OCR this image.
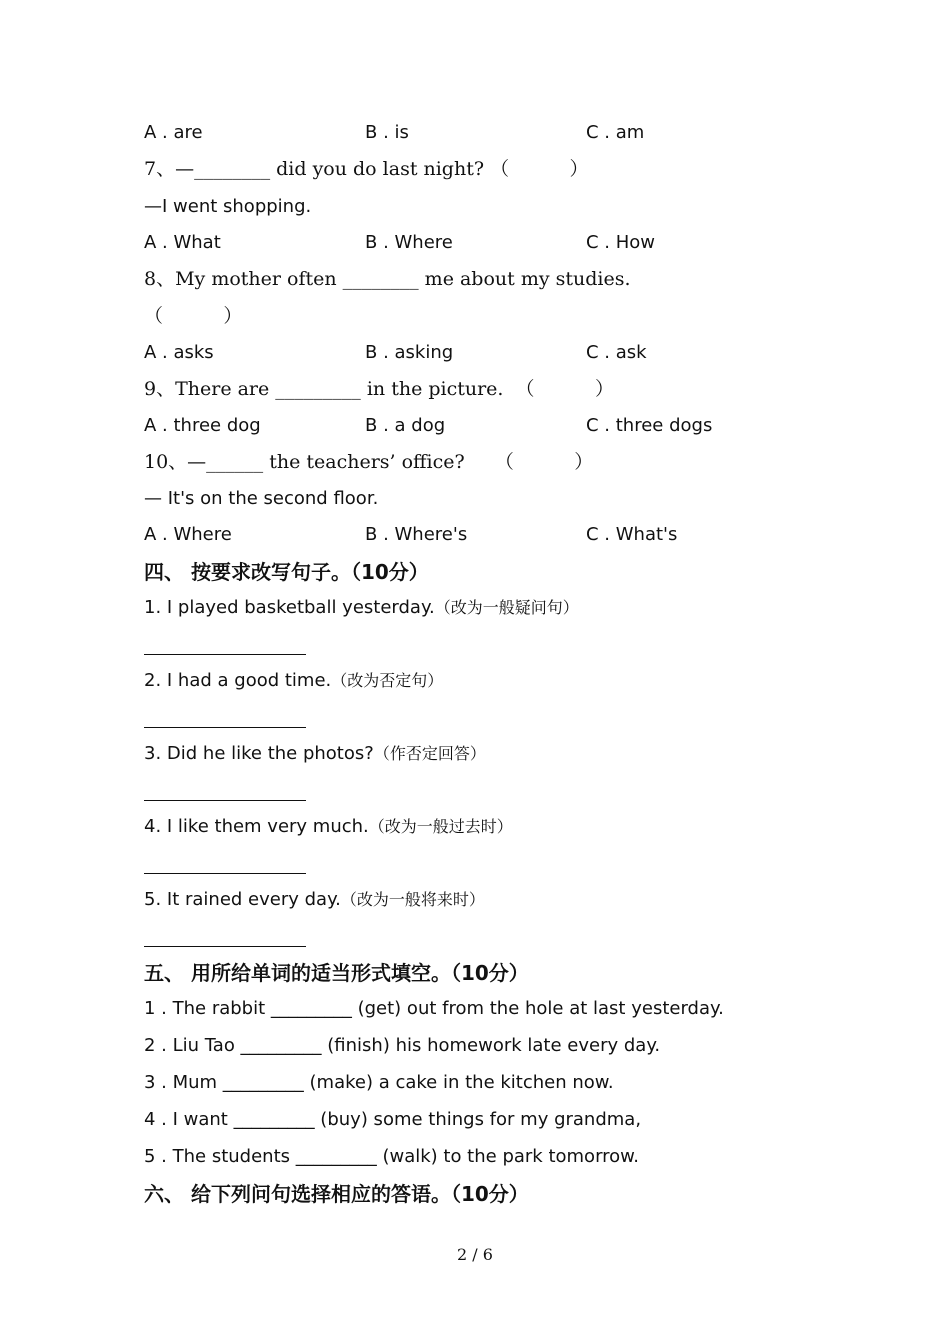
A . are	B . is	C . am
7、—________ did you do last night? （          ）
—I went shopping.
A . What	B . Where	C . How
8、My mother often ________ me about my studies.
（          ）
A . asks	B . asking	C . ask
9、There are _________ in the picture.  （          ）
A . three dog	B . a dog	C . three dogs
10、—______ the teachers’ office?     （          ）
— It's on the second floor.
A . Where	B . Where's	C . What's
四、 按要求改写句子。（10分）
1. I played basketball yesterday.（改为一般疑问句）
2. I had a good time.（改为否定句）
3. Did he like the photos?（作否定回答）
4. I like them very much.（改为一般过去时）
5. It rained every day.（改为一般将来时）
五、 用所给单词的适当形式填空。（10分）
1 . The rabbit _________ (get) out from the hole at last yesterday.
2 . Liu Tao _________ (finish) his homework late every day.
3 . Mum _________ (make) a cake in the kitchen now.
4 . I want _________ (buy) some things for my grandma,
5 . The students _________ (walk) to the park tomorrow.
六、 给下列问句选择相应的答语。（10分）
2 / 6
